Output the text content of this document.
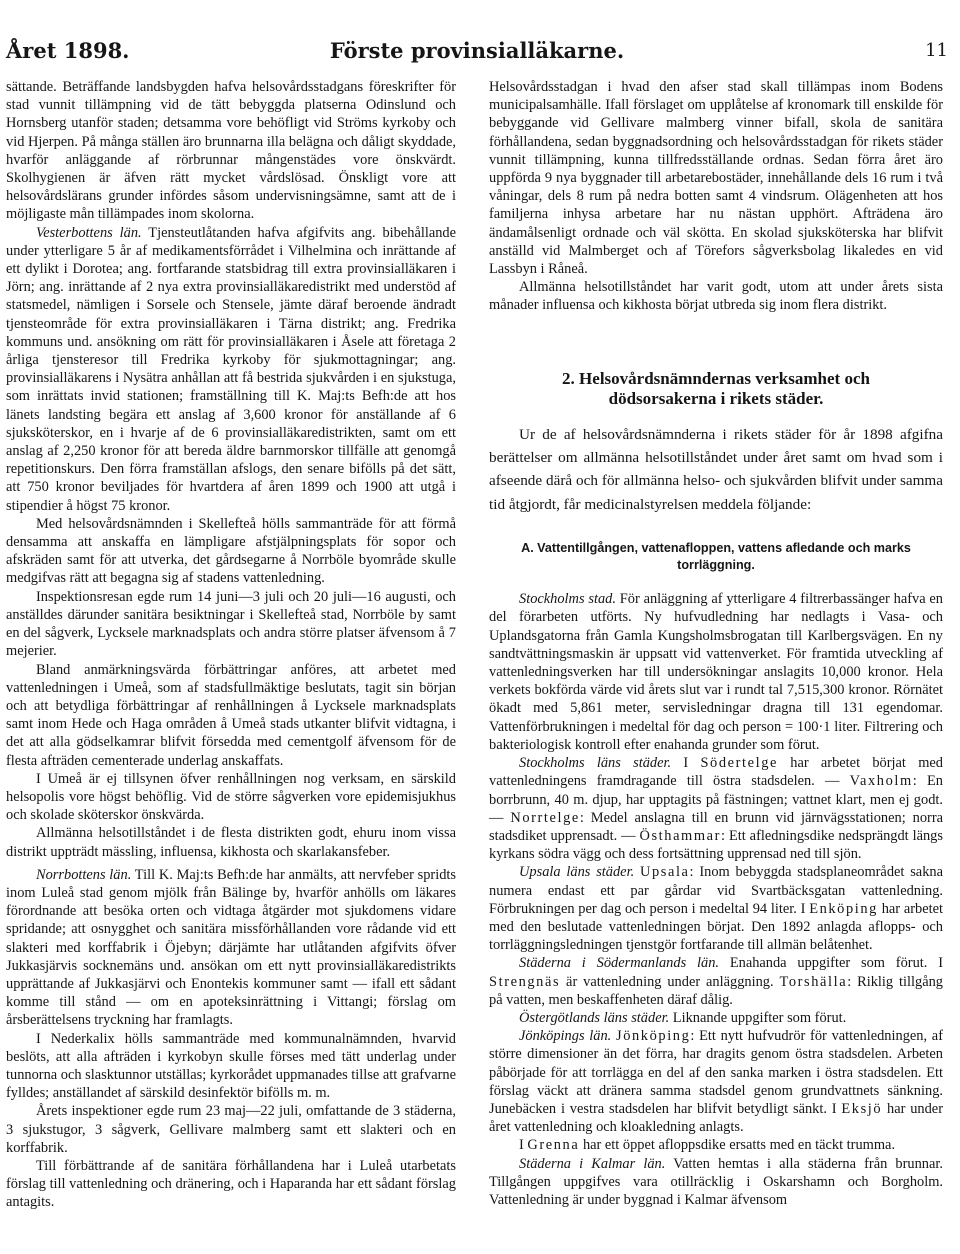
Året 1898.	Förste provinsialläkarne.	11

sättande. Beträffande landsbygden hafva helsovårdsstadgans föreskrifter för stad vunnit tillämpning vid de tätt bebyggda platserna Odinslund och Hornsberg utanför staden; detsamma vore behöfligt vid Ströms kyrkoby och vid Hjerpen. På många ställen äro brunnarna illa belägna och dåligt skyddade, hvarför anläggande af rörbrunnar mångenstädes vore önskvärdt. Skolhygienen är äfven rätt mycket vårdslösad. Önskligt vore att helsovårdslärans grunder infördes såsom undervisningsämne, samt att de i möjligaste mån tillämpades inom skolorna.

Vesterbottens län. Tjensteutlåtanden hafva afgifvits ang. bibehållande under ytterligare 5 år af medikamentsförrådet i Vilhelmina och inrättande af ett dylikt i Dorotea; ang. fortfarande statsbidrag till extra provinsialläkaren i Jörn; ang. inrättande af 2 nya extra provinsialläkaredistrikt med understöd af statsmedel, nämligen i Sorsele och Stensele, jämte däraf beroende ändradt tjensteområde för extra provinsialläkaren i Tärna distrikt; ang. Fredrika kommuns und. ansökning om rätt för provinsialläkaren i Åsele att företaga 2 årliga tjensteresor till Fredrika kyrkoby för sjukmottagningar; ang. provinsialläkarens i Nysätra anhållan att få bestrida sjukvården i en sjukstuga, som inrättats invid stationen; framställning till K. Maj:ts Befh:de att hos länets landsting begära ett anslag af 3,600 kronor för anställande af 6 sjuksköterskor, en i hvarje af de 6 provinsialläkaredistrikten, samt om ett anslag af 2,250 kronor för att bereda äldre barnmorskor tillfälle att genomgå repetitionskurs. Den förra framställan afslogs, den senare bifölls på det sätt, att 750 kronor beviljades för hvartdera af åren 1899 och 1900 att utgå i stipendier å högst 75 kronor.

Med helsovårdsnämnden i Skellefteå hölls sammanträde för att förmå densamma att anskaffa en lämpligare afstjälpningsplats för sopor och afskräden samt för att utverka, det gårdsegarne å Norrböle byområde skulle medgifvas rätt att begagna sig af stadens vattenledning.

Inspektionsresan egde rum 14 juni—3 juli och 20 juli—16 augusti, och anställdes därunder sanitära besiktningar i Skellefteå stad, Norrböle by samt en del sågverk, Lycksele marknadsplats och andra större platser äfvensom å 7 mejerier.

Bland anmärkningsvärda förbättringar anföres, att arbetet med vattenledningen i Umeå, som af stadsfullmäktige beslutats, tagit sin början och att betydliga förbättringar af renhållningen å Lycksele marknadsplats samt inom Hede och Haga områden å Umeå stads utkanter blifvit vidtagna, i det att alla gödselkamrar blifvit försedda med cementgolf äfvensom för de flesta afträden cementerade underlag anskaffats.

I Umeå är ej tillsynen öfver renhållningen nog verksam, en särskild helsopolis vore högst behöflig. Vid de större sågverken vore epidemisjukhus och skolade sköterskor önskvärda.

Allmänna helsotillståndet i de flesta distrikten godt, ehuru inom vissa distrikt uppträdt mässling, influensa, kikhosta och skarlakansfeber.

Norrbottens län. Till K. Maj:ts Befh:de har anmälts, att nervfeber spridts inom Luleå stad genom mjölk från Bälinge by, hvarför anhölls om läkares förordnande att besöka orten och vidtaga åtgärder mot sjukdomens vidare spridande; att osnygghet och sanitära missförhållanden vore rådande vid ett slakteri med korffabrik i Öjebyn; därjämte har utlåtanden afgifvits öfver Jukkasjärvis socknemäns und. ansökan om ett nytt provinsialläkaredistrikts upprättande af Jukkasjärvi och Enontekis kommuner samt — ifall ett sådant komme till stånd — om en apoteksinrättning i Vittangi; förslag om årsberättelsens tryckning har framlagts.

I Nederkalix hölls sammanträde med kommunalnämnden, hvarvid beslöts, att alla afträden i kyrkobyn skulle förses med tätt underlag under tunnorna och slasktunnor utställas; kyrkorådet uppmanades tillse att grafvarne fylldes; anställandet af särskild desinfektör bifölls m. m.

Årets inspektioner egde rum 23 maj—22 juli, omfattande de 3 städerna, 3 sjukstugor, 3 sågverk, Gellivare malmberg samt ett slakteri och en korffabrik.

Till förbättrande af de sanitära förhållandena har i Luleå utarbetats förslag till vattenledning och dränering, och i Haparanda har ett sådant förslag antagits.

Helsovårdsstadgan i hvad den afser stad skall tillämpas inom Bodens municipalsamhälle. Ifall förslaget om upplåtelse af kronomark till enskilde för bebyggande vid Gellivare malmberg vinner bifall, skola de sanitära förhållandena, sedan byggnadsordning och helsovårdsstadgan för rikets städer vunnit tillämpning, kunna tillfredsställande ordnas. Sedan förra året äro uppförda 9 nya byggnader till arbetarebostäder, innehållande dels 16 rum i två våningar, dels 8 rum på nedra botten samt 4 vindsrum. Olägenheten att hos familjerna inhysa arbetare har nu nästan upphört. Afträdena äro ändamålsenligt ordnade och väl skötta. En skolad sjuksköterska har blifvit anställd vid Malmberget och af Törefors sågverksbolag likaledes en vid Lassbyn i Råneå.

Allmänna helsotillståndet har varit godt, utom att under årets sista månader influensa och kikhosta börjat utbreda sig inom flera distrikt.

2. Helsovårdsnämndernas verksamhet och

dödsorsakerna i rikets städer.

Ur de af helsovårdsnämnderna i rikets städer för år 1898 afgifna berättelser om allmänna helsotillståndet under året samt om hvad som i afseende därå och för allmänna helso- och sjukvården blifvit under samma tid åtgjordt, får medicinalstyrelsen meddela följande:

A. Vattentillgången, vattenafloppen, vattens afledande och marks

torrläggning.

Stockholms stad. För anläggning af ytterligare 4 filtrerbassänger hafva en del förarbeten utförts. Ny hufvudledning har nedlagts i Vasa- och Uplandsgatorna från Gamla Kungsholmsbrogatan till Karlbergsvägen. En ny sandtvättningsmaskin är uppsatt vid vattenverket. För framtida utveckling af vattenledningsverken har till undersökningar anslagits 10,000 kronor. Hela verkets bokförda värde vid årets slut var i rundt tal 7,515,300 kronor. Rörnätet ökadt med 5,861 meter, servisledningar dragna till 131 egendomar. Vattenförbrukningen i medeltal för dag och person = 100·1 liter. Filtrering och bakteriologisk kontroll efter enahanda grunder som förut.

Stockholms läns städer. I Södertelge har arbetet börjat med vattenledningens framdragande till östra stadsdelen. — Vaxholm: En borrbrunn, 40 m. djup, har upptagits på fästningen; vattnet klart, men ej godt. — Norrtelge: Medel anslagna till en brunn vid järnvägsstationen; norra stadsdiket upprensadt. — Östhammar: Ett afledningsdike nedsprängdt längs kyrkans södra vägg och dess fortsättning upprensad ned till sjön.

Upsala läns städer. Upsala: Inom bebyggda stadsplaneområdet sakna numera endast ett par gårdar vid Svartbäcksgatan vattenledning. Förbrukningen per dag och person i medeltal 94 liter. I Enköping har arbetet med den beslutade vattenledningen börjat. Den 1892 anlagda aflopps- och torrläggningsledningen tjenstgör fortfarande till allmän belåtenhet.

Städerna i Södermanlands län. Enahanda uppgifter som förut. I Strengnäs är vattenledning under anläggning. Torshälla: Riklig tillgång på vatten, men beskaffenheten däraf dålig.

Östergötlands läns städer. Liknande uppgifter som förut.

Jönköpings län. Jönköping: Ett nytt hufvudrör för vattenledningen, af större dimensioner än det förra, har dragits genom östra stadsdelen. Arbeten påbörjade för att torrlägga en del af den sanka marken i östra stadsdelen. Ett förslag väckt att dränera samma stadsdel genom grundvattnets sänkning. Junebäcken i vestra stadsdelen har blifvit betydligt sänkt. I Eksjö har under året vattenledning och kloakledning anlagts.

I Grenna har ett öppet afloppsdike ersatts med en täckt trumma.

Städerna i Kalmar län. Vatten hemtas i alla städerna från brunnar. Tillgången uppgifves vara otillräcklig i Oskarshamn och Borgholm. Vattenledning är under byggnad i Kalmar äfvensom
